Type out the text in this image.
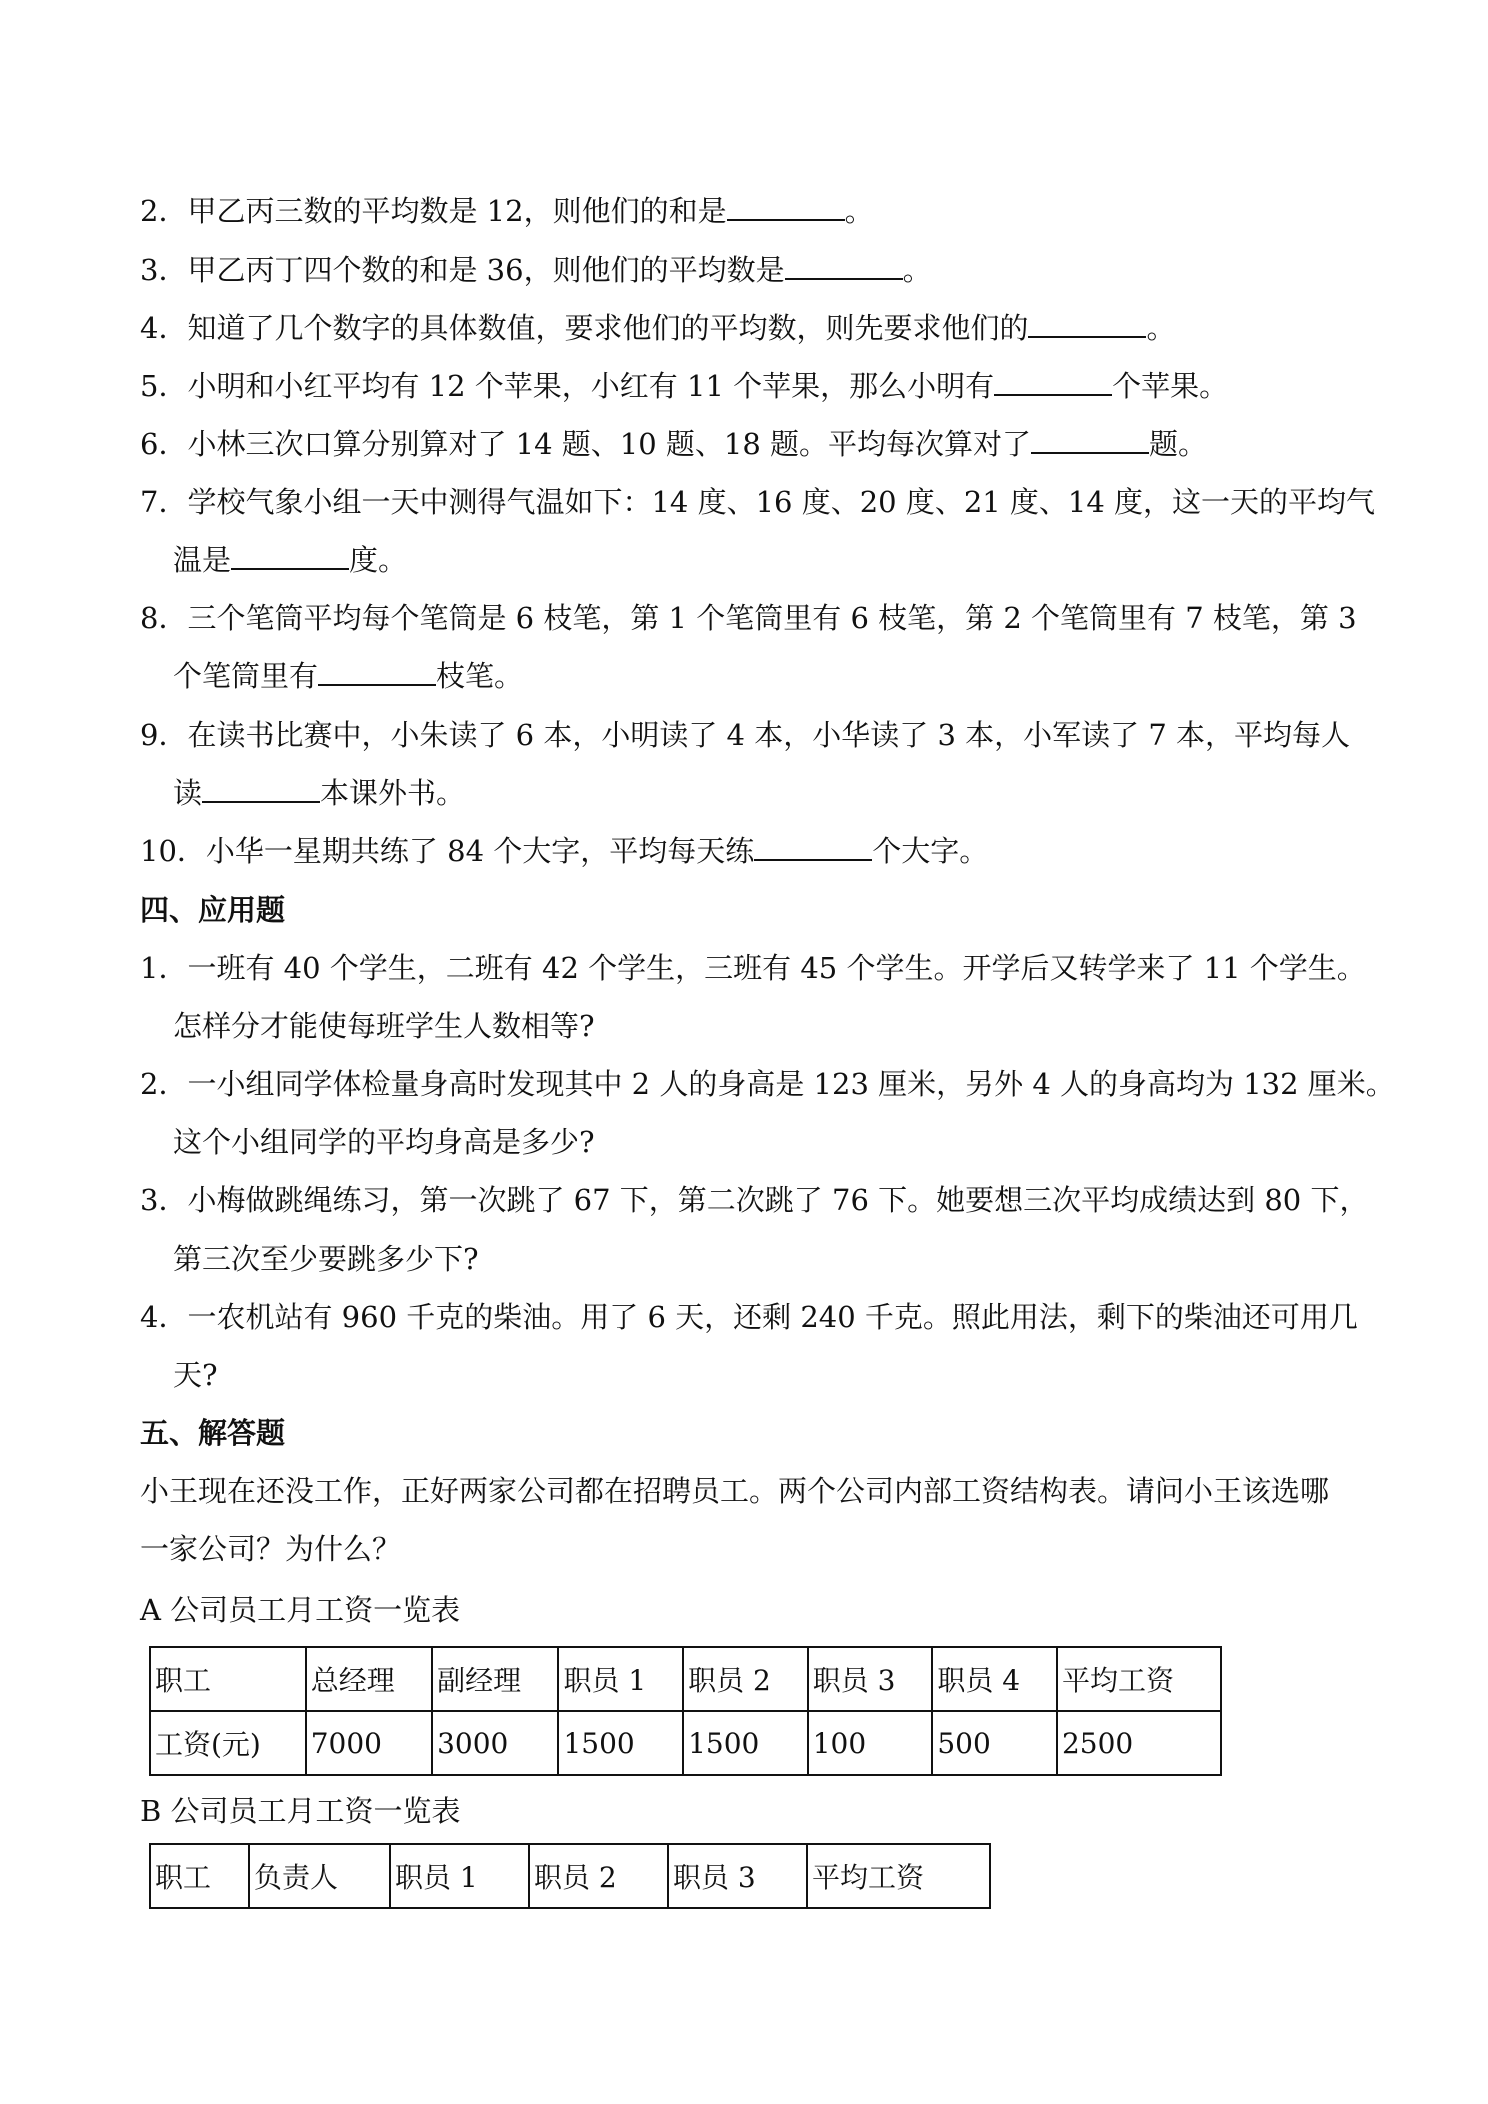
2．甲乙丙三数的平均数是 12，则他们的和是	。
3．甲乙丙丁四个数的和是 36，则他们的平均数是	。
4．知道了几个数字的具体数值，要求他们的平均数，则先要求他们的	。
5．小明和小红平均有 12 个苹果，小红有 11 个苹果，那么小明有	个苹果。
6．小林三次口算分别算对了 14 题、10 题、18 题。平均每次算对了	题。
7．学校气象小组一天中测得气温如下：14 度、16 度、20 度、21 度、14 度，这一天的平均气
温是	度。
8．三个笔筒平均每个笔筒是 6 枝笔，第 1 个笔筒里有 6 枝笔，第 2 个笔筒里有 7 枝笔，第 3
个笔筒里有	枝笔。
9．在读书比赛中，小朱读了 6 本，小明读了 4 本，小华读了 3 本，小军读了 7 本，平均每人
读	本课外书。
10．小华一星期共练了 84 个大字，平均每天练	个大字。
四、应用题
1．一班有 40 个学生，二班有 42 个学生，三班有 45 个学生。开学后又转学来了 11 个学生。
怎样分才能使每班学生人数相等?
2．一小组同学体检量身高时发现其中 2 人的身高是 123 厘米，另外 4 人的身高均为 132 厘米。
这个小组同学的平均身高是多少?
3．小梅做跳绳练习，第一次跳了 67 下，第二次跳了 76 下。她要想三次平均成绩达到 80 下，
第三次至少要跳多少下?
4．一农机站有 960 千克的柴油。用了 6 天，还剩 240 千克。照此用法，剩下的柴油还可用几
天?
五、解答题
小王现在还没工作，正好两家公司都在招聘员工。两个公司内部工资结构表。请问小王该选哪
一家公司？为什么？
A 公司员工月工资一览表
职工	总经理	副经理	职员 1	职员 2	职员 3	职员 4	平均工资
工资(元)	7000	3000	1500	1500	100	500	2500
B 公司员工月工资一览表
职工	负责人	职员 1	职员 2	职员 3	平均工资
